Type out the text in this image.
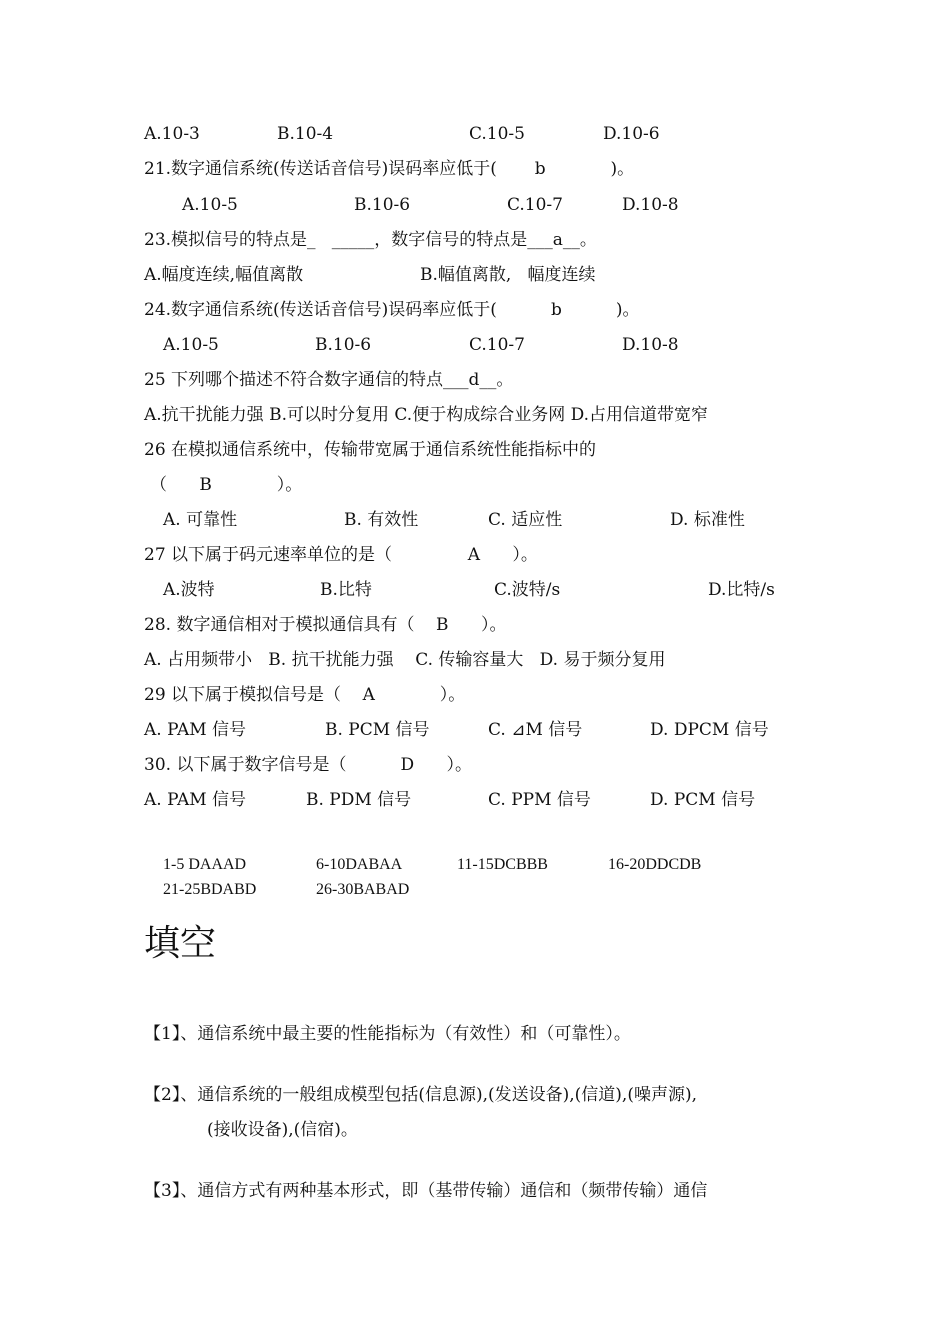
A.10-3	B.10-4	C.10-5	D.10-6
21.数字通信系统(传送话音信号)误码率应低于(       b            )。
A.10-5	B.10-6	C.10-7	D.10-8
23.模拟信号的特点是_   _____，数字信号的特点是___a__。
A.幅度连续,幅值离散	B.幅值离散,   幅度连续
24.数字通信系统(传送话音信号)误码率应低于(          b          )。
A.10-5	B.10-6	C.10-7	D.10-8
25 下列哪个描述不符合数字通信的特点___d__。
A.抗干扰能力强 B.可以时分复用 C.便于构成综合业务网 D.占用信道带宽窄
26 在模拟通信系统中，传输带宽属于通信系统性能指标中的
（      B            ）。
A. 可靠性	B. 有效性	C. 适应性	D. 标准性
27 以下属于码元速率单位的是（              A      ）。
A.波特	B.比特	C.波特/s	D.比特/s
28. 数字通信相对于模拟通信具有（    B      ）。
A. 占用频带小   B. 抗干扰能力强    C. 传输容量大   D. 易于频分复用
29 以下属于模拟信号是（    A            ）。
A. PAM 信号	B. PCM 信号	C. ⊿M 信号	D. DPCM 信号
30. 以下属于数字信号是（          D      ）。
A. PAM 信号	B. PDM 信号	C. PPM 信号	D. PCM 信号
1-5 DAAAD	6-10DABAA	11-15DCBBB	16-20DDCDB
21-25BDABD	26-30BABAD
填空
【1】、通信系统中最主要的性能指标为（有效性）和（可靠性）。
【2】、通信系统的一般组成模型包括(信息源),(发送设备),(信道),(噪声源),
(接收设备),(信宿)。
【3】、通信方式有两种基本形式，即（基带传输）通信和（频带传输）通信
